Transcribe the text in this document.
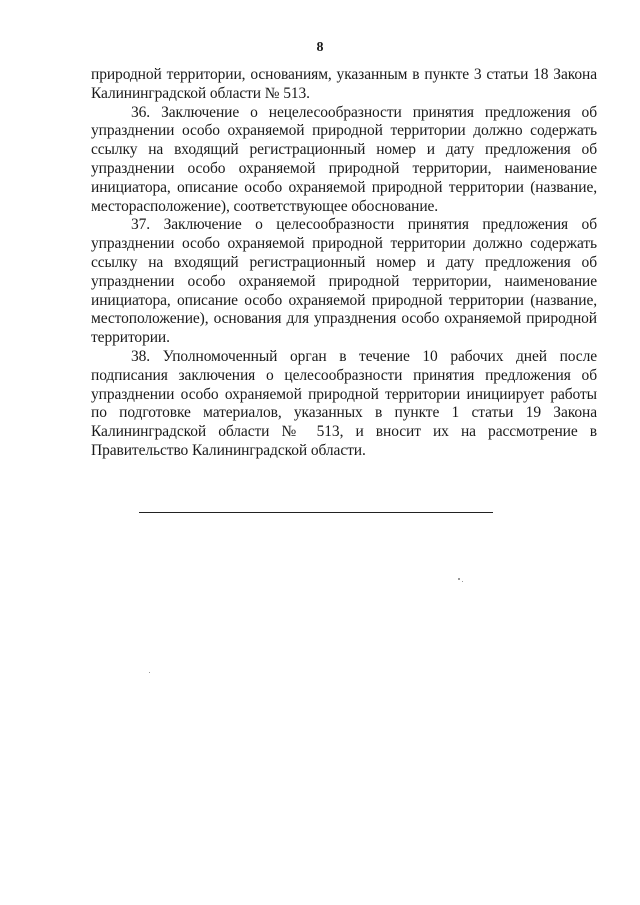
8

природной территории, основаниям, указанным в пункте 3 статьи 18 Закона Калининградской области № 513.

36. Заключение о нецелесообразности принятия предложения об упразднении особо охраняемой природной территории должно содержать ссылку на входящий регистрационный номер и дату предложения об упразднении особо охраняемой природной территории, наименование инициатора, описание особо охраняемой природной территории (название, месторасположение), соответствующее обоснование.

37. Заключение о целесообразности принятия предложения об упразднении особо охраняемой природной территории должно содержать ссылку на входящий регистрационный номер и дату предложения об упразднении особо охраняемой природной территории, наименование инициатора, описание особо охраняемой природной территории (название, местоположение), основания для упразднения особо охраняемой природной территории.

38. Уполномоченный орган в течение 10 рабочих дней после подписания заключения о целесообразности принятия предложения об упразднении особо охраняемой природной территории инициирует работы по подготовке материалов, указанных в пункте 1 статьи 19 Закона Калининградской области № 513, и вносит их на рассмотрение в Правительство Калининградской области.
